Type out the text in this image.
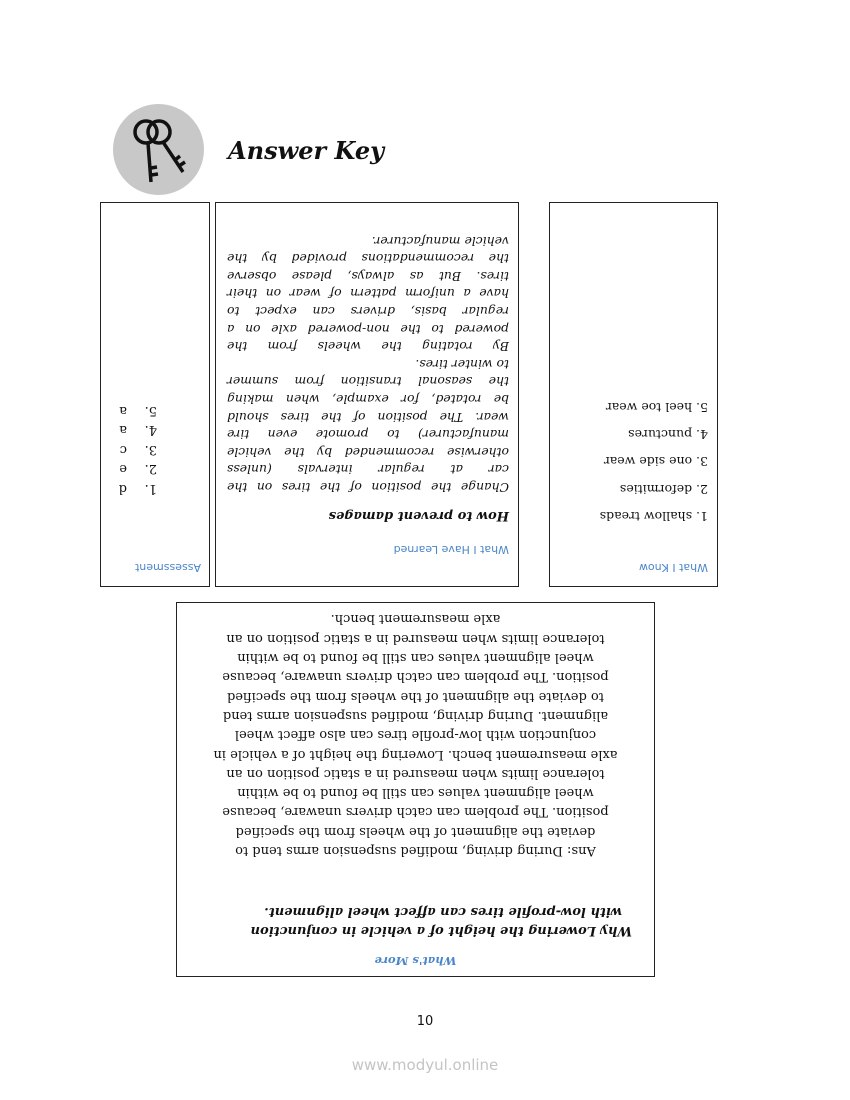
Answer Key
Assessment
1.d
2.e
3.c
4.a
5.a
What I Have Learned
How to prevent damages
Change the position of the tires on the
car at regular intervals (unless
otherwise recommended by the vehicle
manufacturer) to promote even tire
wear. The position of the tires should
be rotated, for example, when making
the seasonal transition from summer
to winter tires.
By rotating the wheels from the
powered to the non-powered axle on a
regular basis, drivers can expect to
have a uniform pattern of wear on their
tires. But as always, please observe
the recommendations provided by the
vehicle manufacturer.
What I Know
1. shallow treads
2. deformities
3. one side wear
4. punctures
5. heel toe wear
What's More
Why Lowering the height of a vehicle in conjunction
with low-profile tires can affect wheel alignment.
Ans: During driving, modified suspension arms tend to
deviate the alignment of the wheels from the specified
position. The problem can catch drivers unaware, because
wheel alignment values can still be found to be within
tolerance limits when measured in a static position on an
axle measurement bench. Lowering the height of a vehicle in
conjunction with low-profile tires can also affect wheel
alignment. During driving, modified suspension arms tend
to deviate the alignment of the wheels from the specified
position. The problem can catch drivers unaware, because
wheel alignment values can still be found to be within
tolerance limits when measured in a static position on an
axle measurement bench.
10
www.modyul.online
